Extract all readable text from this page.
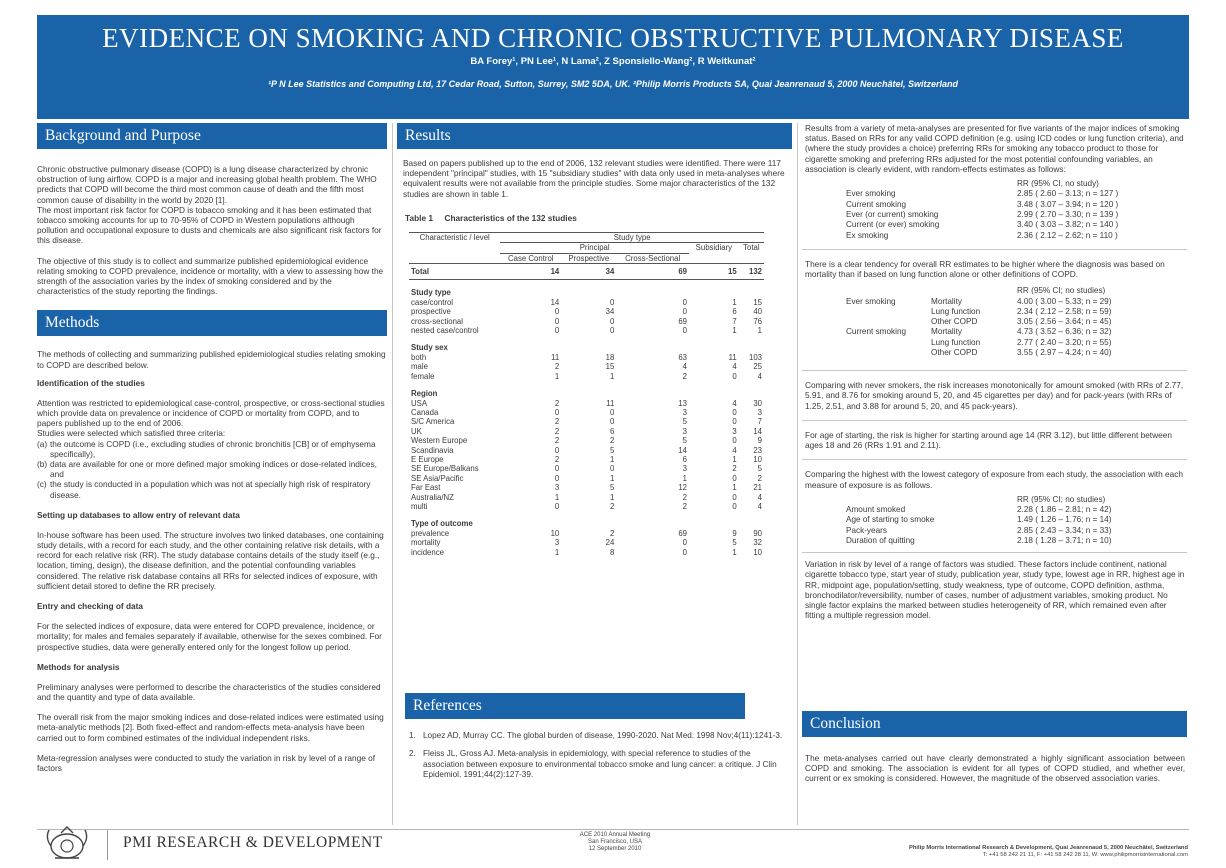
EVIDENCE ON SMOKING AND CHRONIC OBSTRUCTIVE PULMONARY DISEASE
BA Forey¹, PN Lee¹, N Lama², Z Sponsiello-Wang², R Weitkunat²
¹P N Lee Statistics and Computing Ltd, 17 Cedar Road, Sutton, Surrey, SM2 5DA, UK. ²Philip Morris Products SA, Quai Jeanrenaud 5, 2000 Neuchâtel, Switzerland
Background and Purpose
Chronic obstructive pulmonary disease (COPD) is a lung disease characterized by chronic obstruction of lung airflow. COPD is a major and increasing global health problem. The WHO predicts that COPD will become the third most common cause of death and the fifth most common cause of disability in the world by 2020 [1].
The most important risk factor for COPD is tobacco smoking and it has been estimated that tobacco smoking accounts for up to 70-95% of COPD in Western populations although pollution and occupational exposure to dusts and chemicals are also significant risk factors for this disease.
The objective of this study is to collect and summarize published epidemiological evidence relating smoking to COPD prevalence, incidence or mortality, with a view to assessing how the strength of the association varies by the index of smoking considered and by the characteristics of the study reporting the findings.
Methods
The methods of collecting and summarizing published epidemiological studies relating smoking to COPD are described below.
Identification of the studies
Attention was restricted to epidemiological case-control, prospective, or cross-sectional studies which provide data on prevalence or incidence of COPD or mortality from COPD, and to papers published up to the end of 2006.
Studies were selected which satisfied three criteria:
(a) the outcome is COPD (i.e., excluding studies of chronic bronchitis [CB] or of emphysema specifically),
(b) data are available for one or more defined major smoking indices or dose-related indices, and
(c) the study is conducted in a population which was not at specially high risk of respiratory disease.
Setting up databases to allow entry of relevant data
In-house software has been used. The structure involves two linked databases, one containing study details, with a record for each study, and the other containing relative risk details, with a record for each relative risk (RR). The study database contains details of the study itself (e.g., location, timing, design), the disease definition, and the potential confounding variables considered. The relative risk database contains all RRs for selected indices of exposure, with sufficient detail stored to define the RR precisely.
Entry and checking of data
For the selected indices of exposure, data were entered for COPD prevalence, incidence, or mortality; for males and females separately if available, otherwise for the sexes combined. For prospective studies, data were generally entered only for the longest follow up period.
Methods for analysis
Preliminary analyses were performed to describe the characteristics of the studies considered and the quantity and type of data available.
The overall risk from the major smoking indices and dose-related indices were estimated using meta-analytic methods [2]. Both fixed-effect and random-effects meta-analysis have been carried out to form combined estimates of the individual independent risks.
Meta-regression analyses were conducted to study the variation in risk by level of a range of factors
Results
Based on papers published up to the end of 2006, 132 relevant studies were identified. There were 117 independent "principal" studies, with 15 "subsidiary studies" with data only used in meta-analyses where equivalent results were not available from the principle studies. Some major characteristics of the 132 studies are shown in table 1.
Table 1     Characteristics of the 132 studies
Characteristic / level	Study type				
	Principal			Subsidiary	Total
	Case Control	Prospective	Cross-Sectional		
Total	14	34	69	15	132
Study type					
case/control	14	0	0	1	15
prospective	0	34	0	6	40
cross-sectional	0	0	69	7	76
nested case/control	0	0	0	1	1
Study sex					
both	11	18	63	11	103
male	2	15	4	4	25
female	1	1	2	0	4
Region					
USA	2	11	13	4	30
Canada	0	0	3	0	3
S/C America	2	0	5	0	7
UK	2	6	3	3	14
Western Europe	2	2	5	0	9
Scandinavia	0	5	14	4	23
E Europe	2	1	6	1	10
SE Europe/Balkans	0	0	3	2	5
SE Asia/Pacific	0	1	1	0	2
Far East	3	5	12	1	21
Australia/NZ	1	1	2	0	4
multi	0	2	2	0	4
Type of outcome					
prevalence	10	2	69	9	90
mortality	3	24	0	5	32
incidence	1	8	0	1	10
References
1. Lopez AD, Murray CC. The global burden of disease, 1990-2020. Nat Med. 1998 Nov;4(11):1241-3.
2. Fleiss JL, Gross AJ. Meta-analysis in epidemiology, with special reference to studies of the association between exposure to environmental tobacco smoke and lung cancer: a critique. J Clin Epidemiol. 1991;44(2):127-39.
Results from a variety of meta-analyses are presented for five variants of the major indices of smoking status. Based on RRs for any valid COPD definition (e.g. using ICD codes or lung function criteria), and (where the study provides a choice) preferring RRs for smoking any tobacco product to those for cigarette smoking and preferring RRs adjusted for the most potential confounding variables, an association is clearly evident, with random-effects estimates as follows:
RR (95% CI, no study)
Ever smoking	2.85 ( 2.60 – 3.13; n = 127 )
Current smoking	3.48 ( 3.07 – 3.94; n = 120 )
Ever (or current) smoking	2.99 ( 2.70 – 3.30; n = 139 )
Current (or ever) smoking	3.40 ( 3.03 – 3.82; n = 140 )
Ex smoking	2.36 ( 2.12 – 2.62; n = 110 )
There is a clear tendency for overall RR estimates to be higher where the diagnosis was based on mortality than if based on lung function alone or other definitions of COPD.
RR (95% CI; no studies)
Ever smoking	Mortality	4.00 ( 3.00 – 5.33; n = 29)
	Lung function	2.34 ( 2.12 – 2.58; n = 59)
	Other COPD	3.05 ( 2.56 – 3.64; n = 45)
Current smoking	Mortality	4.73 ( 3.52 – 6.36; n = 32)
	Lung function	2.77 ( 2.40 – 3.20; n = 55)
	Other COPD	3.55 ( 2.97 – 4.24; n = 40)
Comparing with never smokers, the risk increases monotonically for amount smoked (with RRs of 2.77, 5.91, and 8.76 for smoking around 5, 20, and 45 cigarettes per day) and for pack-years (with RRs of 1.25, 2.51, and 3.88 for around 5, 20, and 45 pack-years).
For age of starting, the risk is higher for starting around age 14 (RR 3.12), but little different between ages 18 and 26 (RRs 1.91 and 2.11).
Comparing the highest with the lowest category of exposure from each study, the association with each measure of exposure is as follows.
RR (95% CI; no studies)
Amount smoked	2.28 ( 1.86 – 2.81; n = 42)
Age of starting to smoke	1.49 ( 1.26 – 1.76; n = 14)
Pack-years	2.85 ( 2.43 – 3.34; n = 33)
Duration of quitting	2.18 ( 1.28 – 3.71; n = 10)
Variation in risk by level of a range of factors was studied. These factors include continent, national cigarette tobacco type, start year of study, publication year, study type, lowest age in RR, highest age in RR, midpoint age, population/setting, study weakness, type of outcome, COPD definition, asthma, bronchodilator/reversibility, number of cases, number of adjustment variables, smoking product. No single factor explains the marked between studies heterogeneity of RR, which remained even after fitting a multiple regression model.
Conclusion
The meta-analyses carried out have clearly demonstrated a highly significant association between COPD and smoking. The association is evident for all types of COPD studied, and whether ever, current or ex smoking is considered. However, the magnitude of the observed association varies.
PMI RESEARCH & DEVELOPMENT	ACE 2010 Annual Meeting
San Francisco, USA
12 September 2010	Philip Morris International Research & Development, Quai Jeanrenaud 5, 2000 Neuchâtel, Switzerland
T: +41 58 242 21 11, F: +41 58 242 28 11, W: www.philipmorrisinternational.com
